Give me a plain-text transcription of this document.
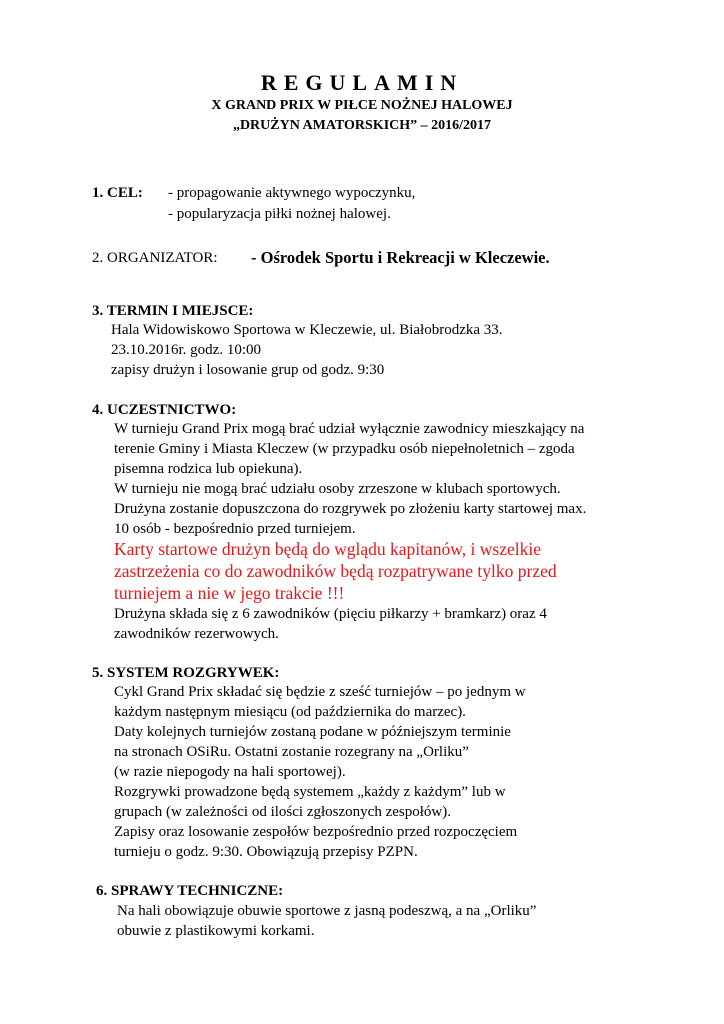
REGULAMIN
X GRAND PRIX W PIŁCE NOŻNEJ HALOWEJ
„DRUŻYN AMATORSKICH” – 2016/2017
1. CEL: - propagowanie aktywnego wypoczynku,
- popularyzacja piłki nożnej halowej.
2. ORGANIZATOR: - Ośrodek Sportu i Rekreacji w Kleczewie.
3. TERMIN I MIEJSCE:
Hala Widowiskowo Sportowa w Kleczewie, ul. Białobrodzka 33.
23.10.2016r. godz. 10:00
zapisy drużyn i losowanie grup od godz. 9:30
4. UCZESTNICTWO:
W turnieju Grand Prix mogą brać udział wyłącznie zawodnicy mieszkający na
terenie Gminy i Miasta Kleczew (w przypadku osób niepełnoletnich – zgoda
pisemna rodzica lub opiekuna).
W turnieju nie mogą brać udziału osoby zrzeszone w klubach sportowych.
Drużyna zostanie dopuszczona do rozgrywek po złożeniu karty startowej max.
10 osób - bezpośrednio przed turniejem.
Karty startowe drużyn będą do wglądu kapitanów, i wszelkie
zastrzeżenia co do zawodników będą rozpatrywane tylko przed
turniejem a nie w jego trakcie !!!
Drużyna składa się z 6 zawodników (pięciu piłkarzy + bramkarz) oraz 4
zawodników rezerwowych.
5. SYSTEM ROZGRYWEK:
Cykl Grand Prix składać się będzie z sześć turniejów – po jednym w
każdym następnym miesiącu (od października do marzec).
Daty kolejnych turniejów zostaną podane w późniejszym terminie
na stronach OSiRu. Ostatni zostanie rozegrany na „Orliku”
(w razie niepogody na hali sportowej).
Rozgrywki prowadzone będą systemem „każdy z każdym” lub w
grupach (w zależności od ilości zgłoszonych zespołów).
Zapisy oraz losowanie zespołów bezpośrednio przed rozpoczęciem
turnieju o godz. 9:30. Obowiązują przepisy PZPN.
6. SPRAWY TECHNICZNE:
Na hali obowiązuje obuwie sportowe z jasną podeszwą, a na „Orliku”
obuwie z plastikowymi korkami.
